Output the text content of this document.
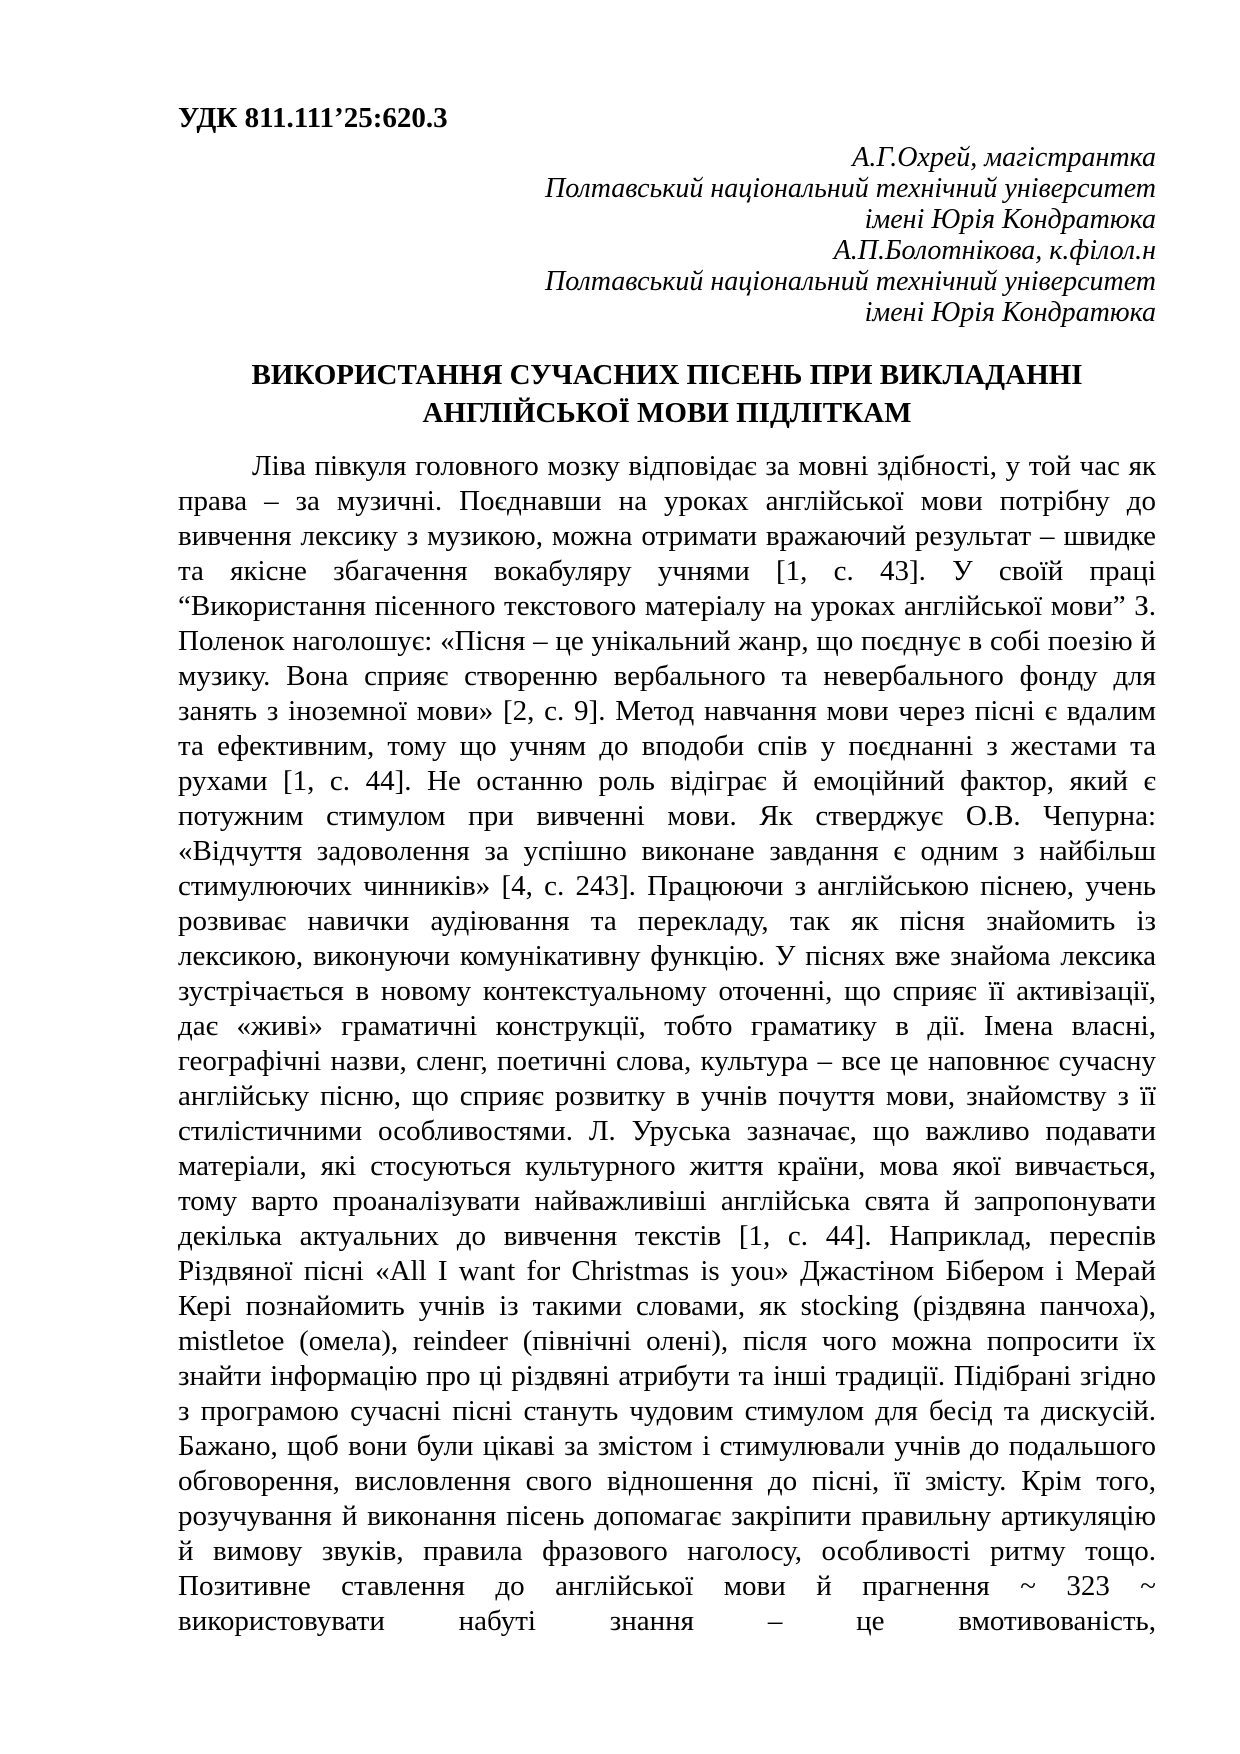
УДК 811.111’25:620.3
А.Г.Охрей, магістрантка
Полтавський національний технічний університет
імені Юрія Кондратюка
А.П.Болотнікова, к.філол.н
Полтавський національний технічний університет
імені Юрія Кондратюка
ВИКОРИСТАННЯ СУЧАСНИХ ПІСЕНЬ ПРИ ВИКЛАДАННІ
АНГЛІЙСЬКОЇ МОВИ ПІДЛІТКАМ

Ліва півкуля головного мозку відповідає за мовні здібності, у той час як права – за музичні. Поєднавши на уроках англійської мови потрібну до вивчення лексику з музикою, можна отримати вражаючий результат – швидке та якісне збагачення вокабуляру учнями [1, с. 43]. У своїй праці “Використання пісенного текстового матеріалу на уроках англійської мови” З. Поленок наголошує: «Пісня – це унікальний жанр, що поєднує в собі поезію й музику. Вона сприяє створенню вербального та невербального фонду для занять з іноземної мови» [2, с. 9]. Метод навчання мови через пісні є вдалим та ефективним, тому що учням до вподоби спів у поєднанні з жестами та рухами [1, с. 44]. Не останню роль відіграє й емоційний фактор, який є потужним стимулом при вивченні мови. Як стверджує О.В. Чепурна: «Відчуття задоволення за успішно виконане завдання є одним з найбільш стимулюючих чинників» [4, с. 243]. Працюючи з англійською піснею, учень розвиває навички аудіювання та перекладу, так як пісня знайомить із лексикою, виконуючи комунікативну функцію. У піснях вже знайома лексика зустрічається в новому контекстуальному оточенні, що сприяє її активізації, дає «живі» граматичні конструкції, тобто граматику в дії. Імена власні, географічні назви, сленг, поетичні слова, культура – все це наповнює сучасну англійську пісню, що сприяє розвитку в учнів почуття мови, знайомству з її стилістичними особливостями. Л. Уруська зазначає, що важливо подавати матеріали, які стосуються культурного життя країни, мова якої вивчається, тому варто проаналізувати найважливіші англійська свята й запропонувати декілька актуальних до вивчення текстів [1, с. 44]. Наприклад, переспів Різдвяної пісні «All I want for Christmas is you» Джастіном Бібером і Мерай Кері познайомить учнів із такими словами, як stocking (різдвяна панчоха), mistletoe (омела), reindeer (північні олені), після чого можна попросити їх знайти інформацію про ці різдвяні атрибути та інші традиції. Підібрані згідно з програмою сучасні пісні стануть чудовим стимулом для бесід та дискусій. Бажано, щоб вони були цікаві за змістом і стимулювали учнів до подальшого обговорення, висловлення свого відношення до пісні, її змісту. Крім того, розучування й виконання пісень допомагає закріпити правильну артикуляцію й вимову звуків, правила фразового наголосу, особливості ритму тощо. Позитивне ставлення до англійської мови й прагнення ~ 323 ~ використовувати набуті знання – це вмотивованість,
